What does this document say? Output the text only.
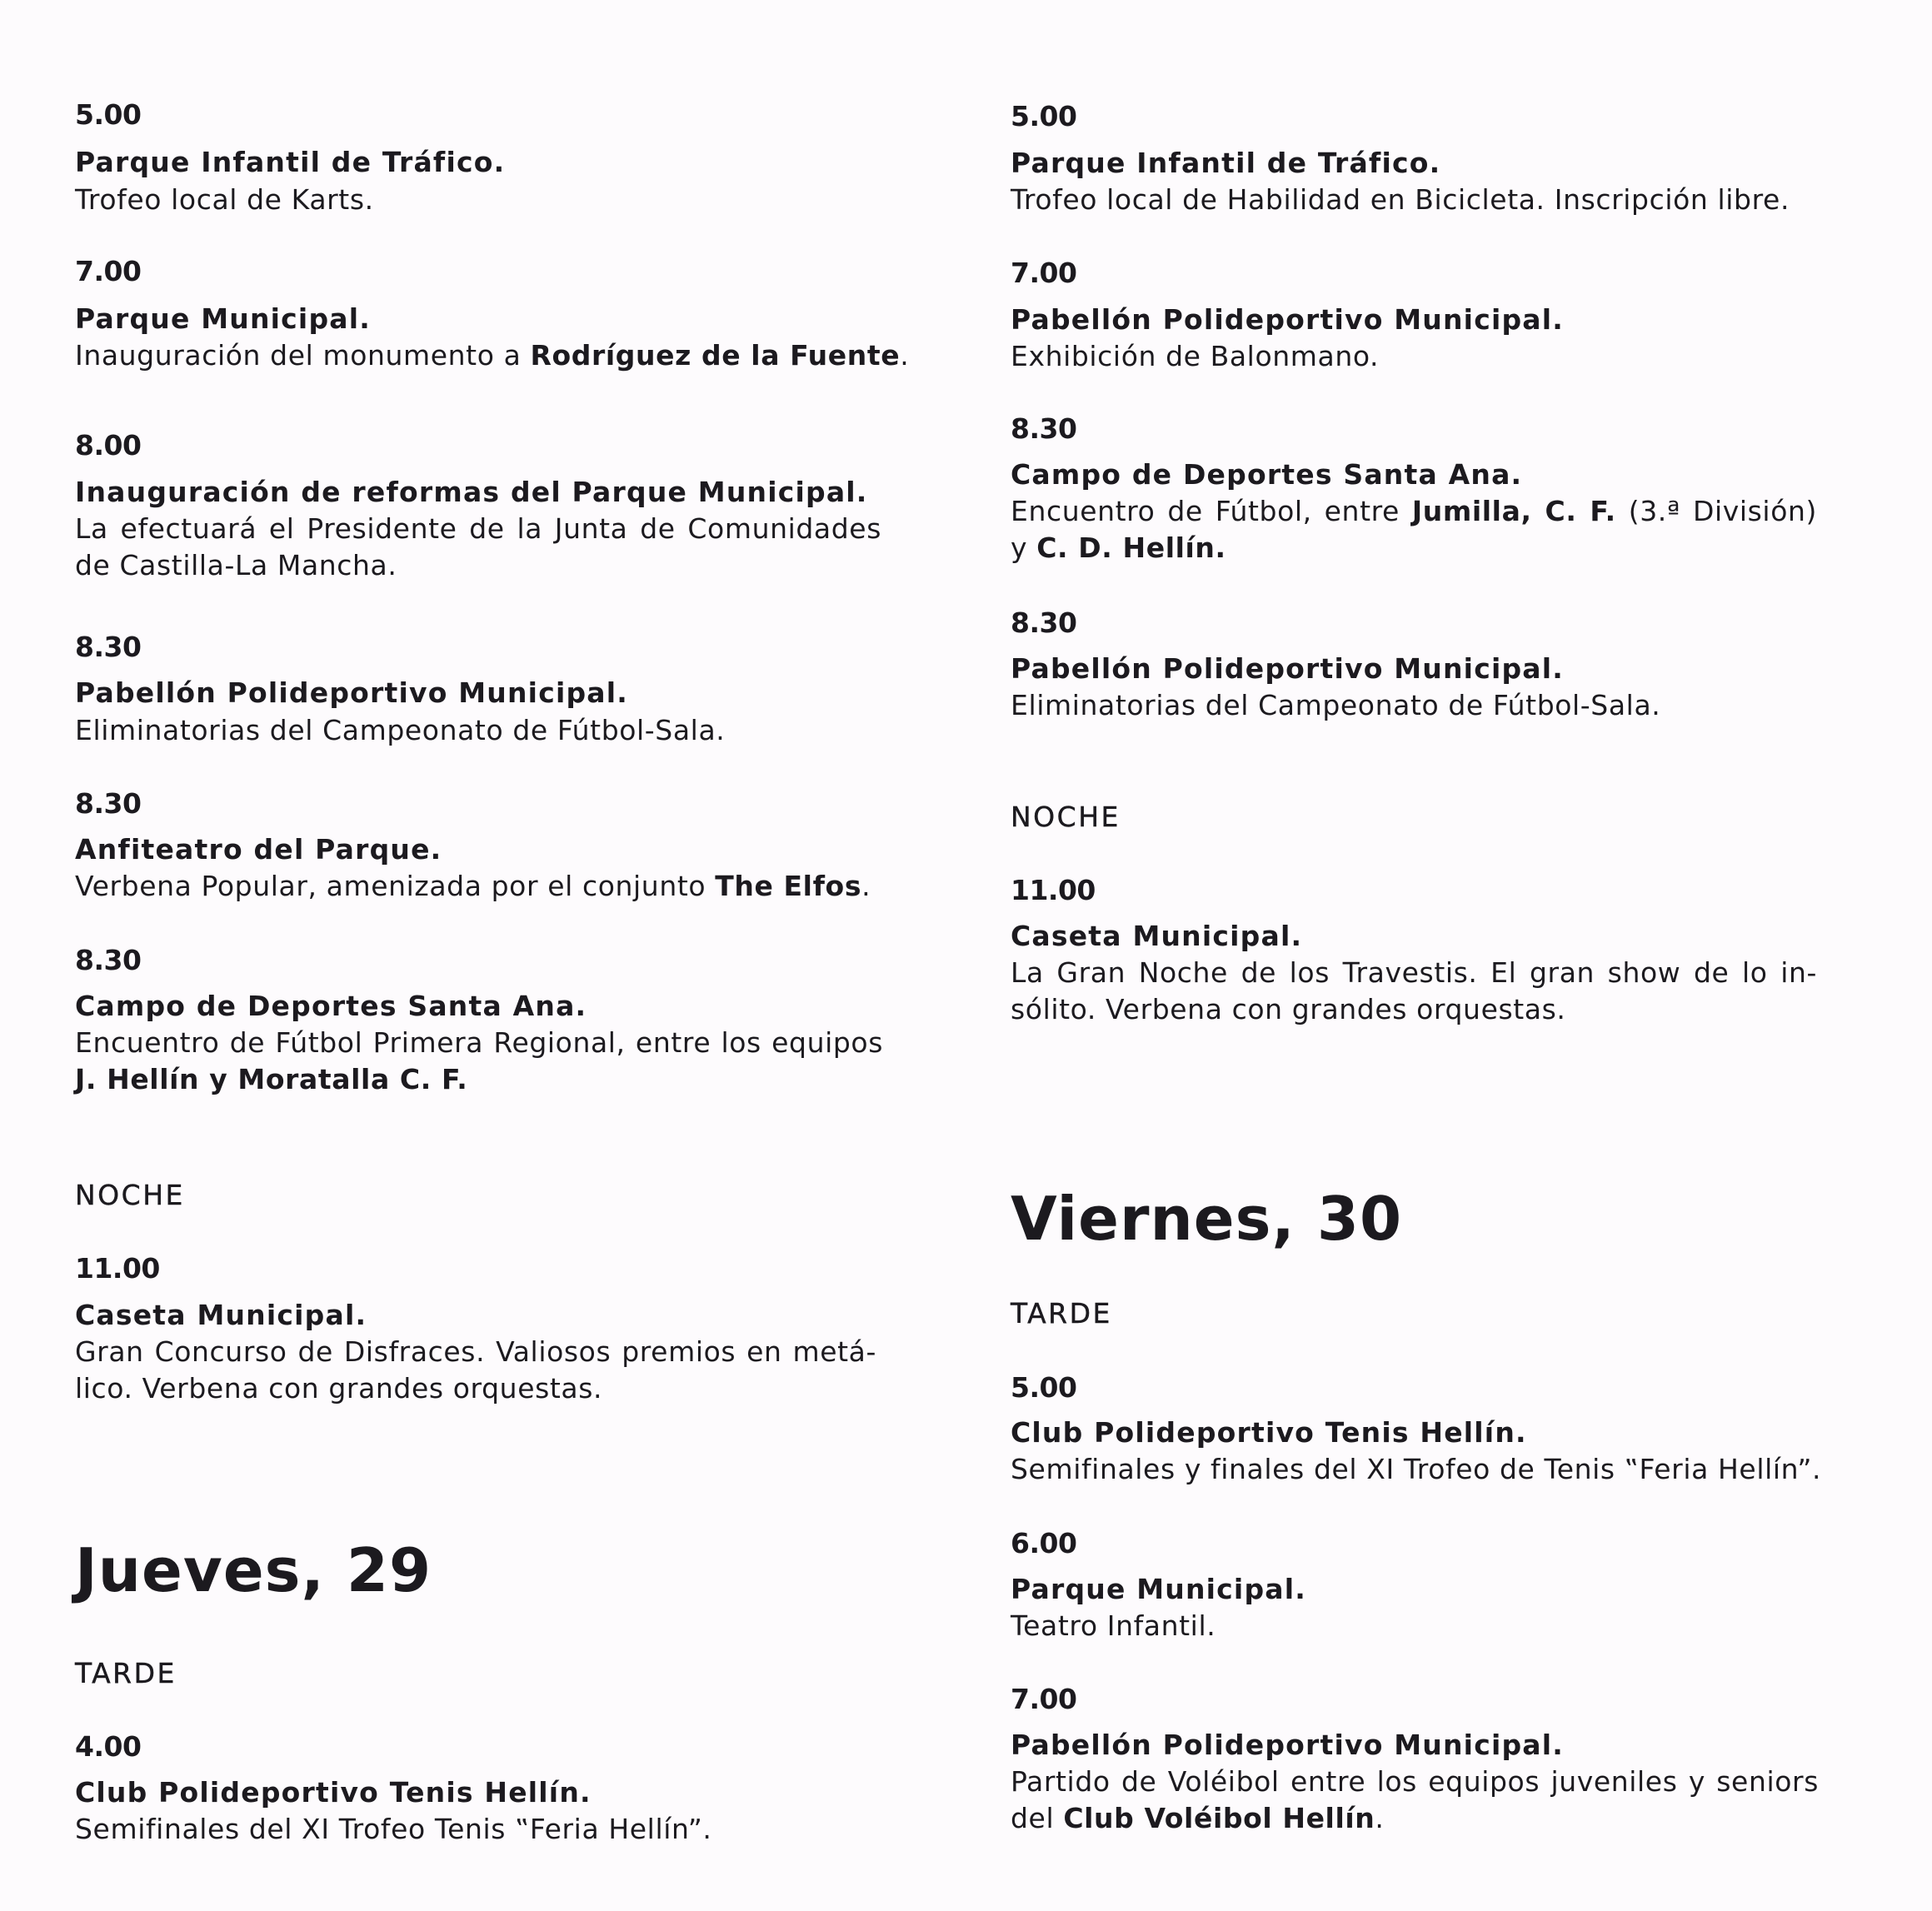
5.00
Parque Infantil de Tráfico.
Trofeo local de Karts.
7.00
Parque Municipal.
Inauguración del monumento a Rodríguez de la Fuente.
8.00
Inauguración de reformas del Parque Municipal.
La efectuará el Presidente de la Junta de Comunidades
de Castilla-La Mancha.
8.30
Pabellón Polideportivo Municipal.
Eliminatorias del Campeonato de Fútbol-Sala.
8.30
Anfiteatro del Parque.
Verbena Popular, amenizada por el conjunto The Elfos.
8.30
Campo de Deportes Santa Ana.
Encuentro de Fútbol Primera Regional, entre los equipos
J. Hellín y Moratalla C. F.
NOCHE
11.00
Caseta Municipal.
Gran Concurso de Disfraces. Valiosos premios en metá-
lico. Verbena con grandes orquestas.
Jueves, 29
TARDE
4.00
Club Polideportivo Tenis Hellín.
Semifinales del XI Trofeo Tenis ‟Feria Hellín”.
5.00
Parque Infantil de Tráfico.
Trofeo local de Habilidad en Bicicleta. Inscripción libre.
7.00
Pabellón Polideportivo Municipal.
Exhibición de Balonmano.
8.30
Campo de Deportes Santa Ana.
Encuentro de Fútbol, entre Jumilla, C. F. (3.ª División)
y C. D. Hellín.
8.30
Pabellón Polideportivo Municipal.
Eliminatorias del Campeonato de Fútbol-Sala.
NOCHE
11.00
Caseta Municipal.
La Gran Noche de los Travestis. El gran show de lo in-
sólito. Verbena con grandes orquestas.
Viernes, 30
TARDE
5.00
Club Polideportivo Tenis Hellín.
Semifinales y finales del XI Trofeo de Tenis ‟Feria Hellín”.
6.00
Parque Municipal.
Teatro Infantil.
7.00
Pabellón Polideportivo Municipal.
Partido de Voléibol entre los equipos juveniles y seniors
del Club Voléibol Hellín.
